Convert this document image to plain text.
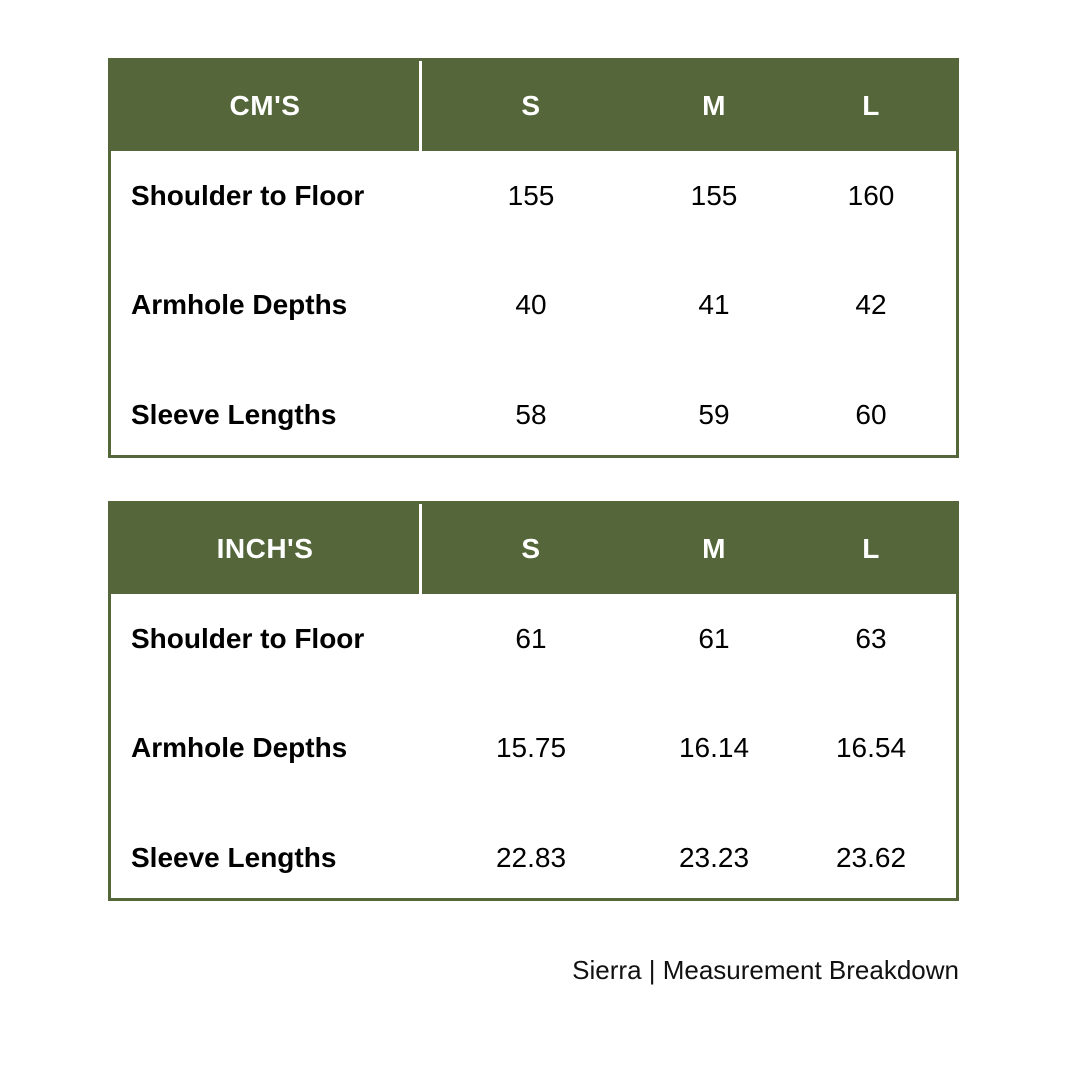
CM'S	S	M	L
Shoulder to Floor	155	155	160
Armhole Depths	40	41	42
Sleeve Lengths	58	59	60
INCH'S	S	M	L
Shoulder to Floor	61	61	63
Armhole Depths	15.75	16.14	16.54
Sleeve Lengths	22.83	23.23	23.62
Sierra | Measurement Breakdown
